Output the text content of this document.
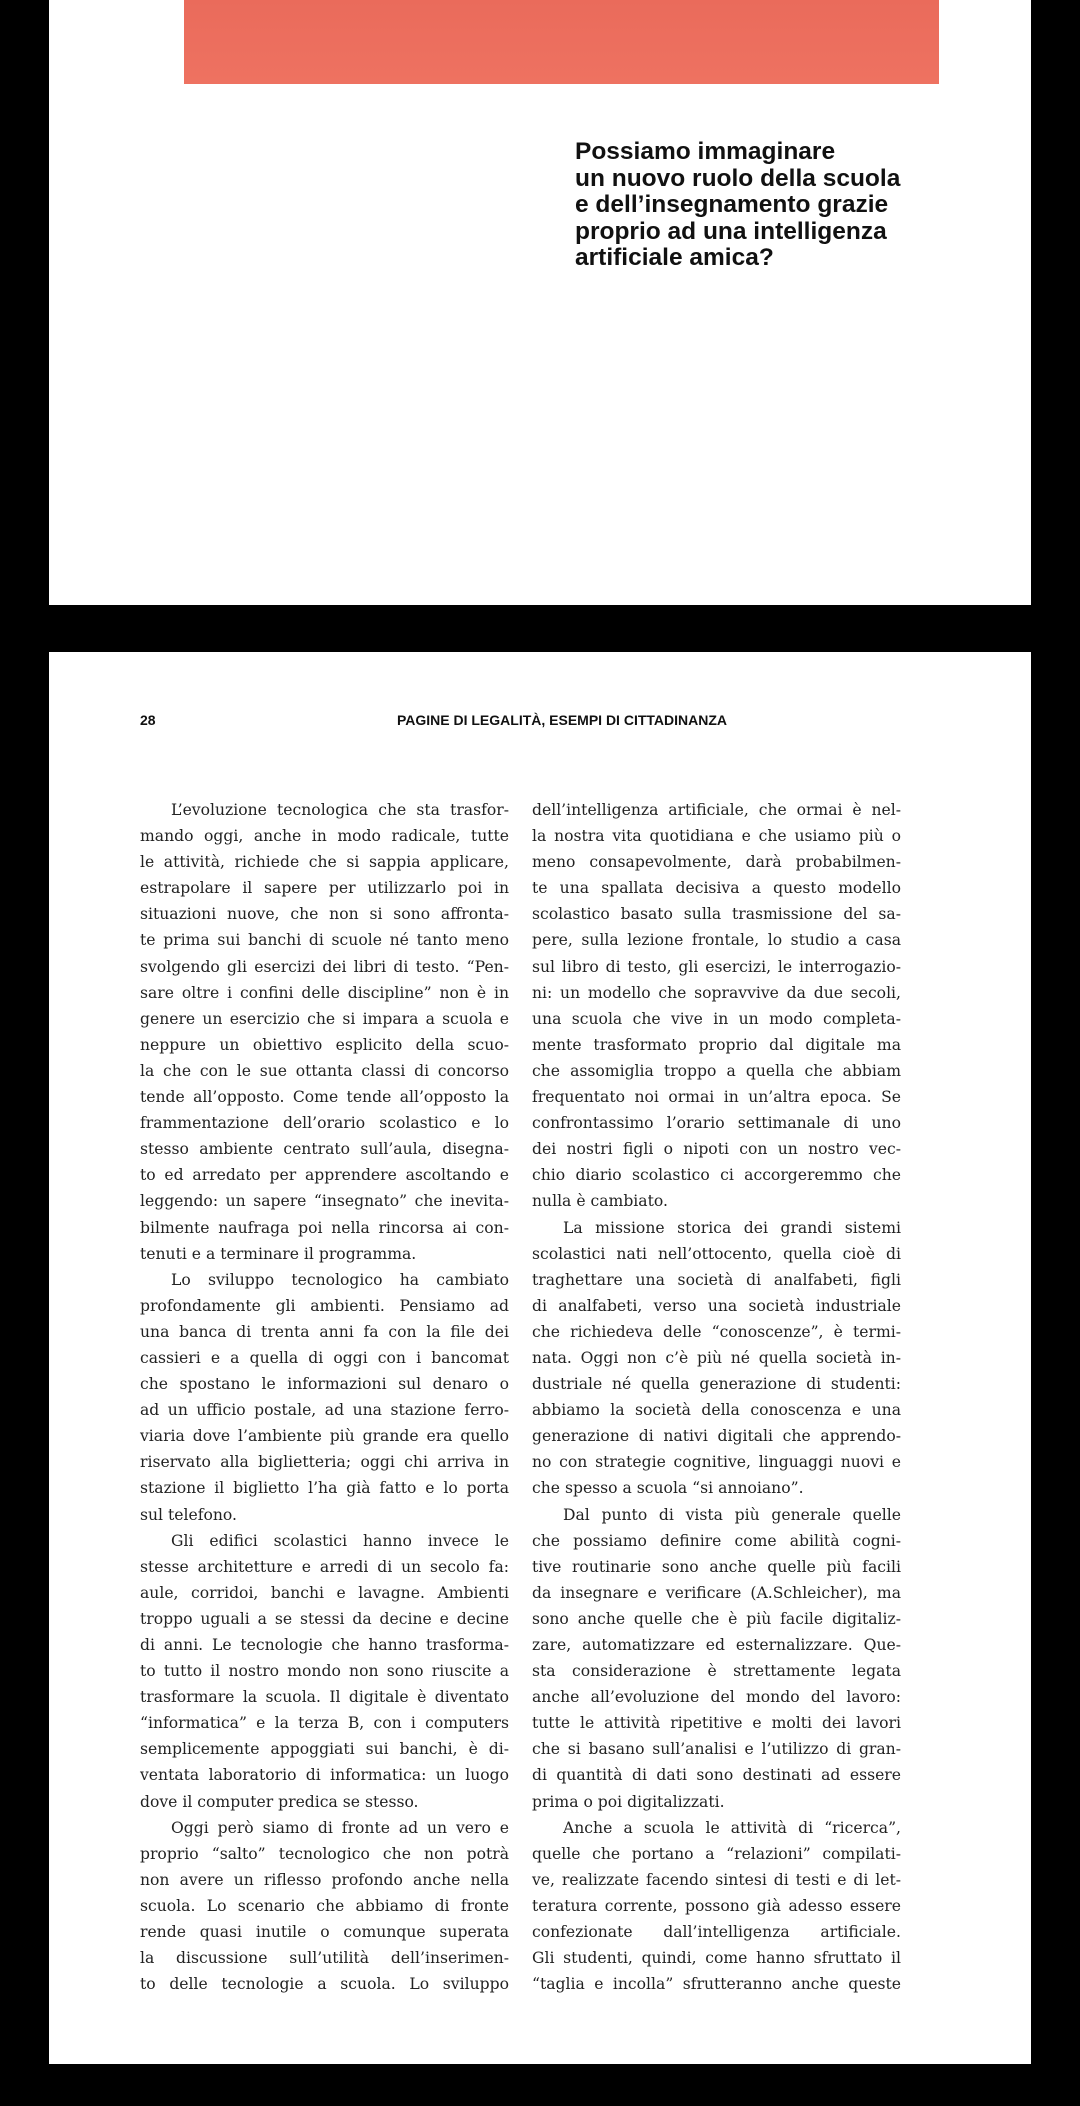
Possiamo immaginare
un nuovo ruolo della scuola
e dell’insegnamento grazie
proprio ad una intelligenza
artificiale amica?
28	PAGINE DI LEGALITÀ, ESEMPI DI CITTADINANZA
L’evoluzione tecnologica che sta trasfor-
mando oggi, anche in modo radicale, tutte
le attività, richiede che si sappia applicare,
estrapolare il sapere per utilizzarlo poi in
situazioni nuove, che non si sono affronta-
te prima sui banchi di scuole né tanto meno
svolgendo gli esercizi dei libri di testo. “Pen-
sare oltre i confini delle discipline” non è in
genere un esercizio che si impara a scuola e
neppure un obiettivo esplicito della scuo-
la che con le sue ottanta classi di concorso
tende all’opposto. Come tende all’opposto la
frammentazione dell’orario scolastico e lo
stesso ambiente centrato sull’aula, disegna-
to ed arredato per apprendere ascoltando e
leggendo: un sapere “insegnato” che inevita-
bilmente naufraga poi nella rincorsa ai con-
tenuti e a terminare il programma.
Lo sviluppo tecnologico ha cambiato
profondamente gli ambienti. Pensiamo ad
una banca di trenta anni fa con la file dei
cassieri e a quella di oggi con i bancomat
che spostano le informazioni sul denaro o
ad un ufficio postale, ad una stazione ferro-
viaria dove l’ambiente più grande era quello
riservato alla biglietteria; oggi chi arriva in
stazione il biglietto l’ha già fatto e lo porta
sul telefono.
Gli edifici scolastici hanno invece le
stesse architetture e arredi di un secolo fa:
aule, corridoi, banchi e lavagne. Ambienti
troppo uguali a se stessi da decine e decine
di anni. Le tecnologie che hanno trasforma-
to tutto il nostro mondo non sono riuscite a
trasformare la scuola. Il digitale è diventato
“informatica” e la terza B, con i computers
semplicemente appoggiati sui banchi, è di-
ventata laboratorio di informatica: un luogo
dove il computer predica se stesso.
Oggi però siamo di fronte ad un vero e
proprio “salto” tecnologico che non potrà
non avere un riflesso profondo anche nella
scuola. Lo scenario che abbiamo di fronte
rende quasi inutile o comunque superata
la discussione sull’utilità dell’inserimen-
to delle tecnologie a scuola. Lo sviluppo
dell’intelligenza artificiale, che ormai è nel-
la nostra vita quotidiana e che usiamo più o
meno consapevolmente, darà probabilmen-
te una spallata decisiva a questo modello
scolastico basato sulla trasmissione del sa-
pere, sulla lezione frontale, lo studio a casa
sul libro di testo, gli esercizi, le interrogazio-
ni: un modello che sopravvive da due secoli,
una scuola che vive in un modo completa-
mente trasformato proprio dal digitale ma
che assomiglia troppo a quella che abbiam
frequentato noi ormai in un’altra epoca. Se
confrontassimo l’orario settimanale di uno
dei nostri figli o nipoti con un nostro vec-
chio diario scolastico ci accorgeremmo che
nulla è cambiato.
La missione storica dei grandi sistemi
scolastici nati nell’ottocento, quella cioè di
traghettare una società di analfabeti, figli
di analfabeti, verso una società industriale
che richiedeva delle “conoscenze”, è termi-
nata. Oggi non c’è più né quella società in-
dustriale né quella generazione di studenti:
abbiamo la società della conoscenza e una
generazione di nativi digitali che apprendo-
no con strategie cognitive, linguaggi nuovi e
che spesso a scuola “si annoiano”.
Dal punto di vista più generale quelle
che possiamo definire come abilità cogni-
tive routinarie sono anche quelle più facili
da insegnare e verificare (A.Schleicher), ma
sono anche quelle che è più facile digitaliz-
zare, automatizzare ed esternalizzare. Que-
sta considerazione è strettamente legata
anche all’evoluzione del mondo del lavoro:
tutte le attività ripetitive e molti dei lavori
che si basano sull’analisi e l’utilizzo di gran-
di quantità di dati sono destinati ad essere
prima o poi digitalizzati.
Anche a scuola le attività di “ricerca”,
quelle che portano a “relazioni” compilati-
ve, realizzate facendo sintesi di testi e di let-
teratura corrente, possono già adesso essere
confezionate dall’intelligenza artificiale.
Gli studenti, quindi, come hanno sfruttato il
“taglia e incolla” sfrutteranno anche queste
